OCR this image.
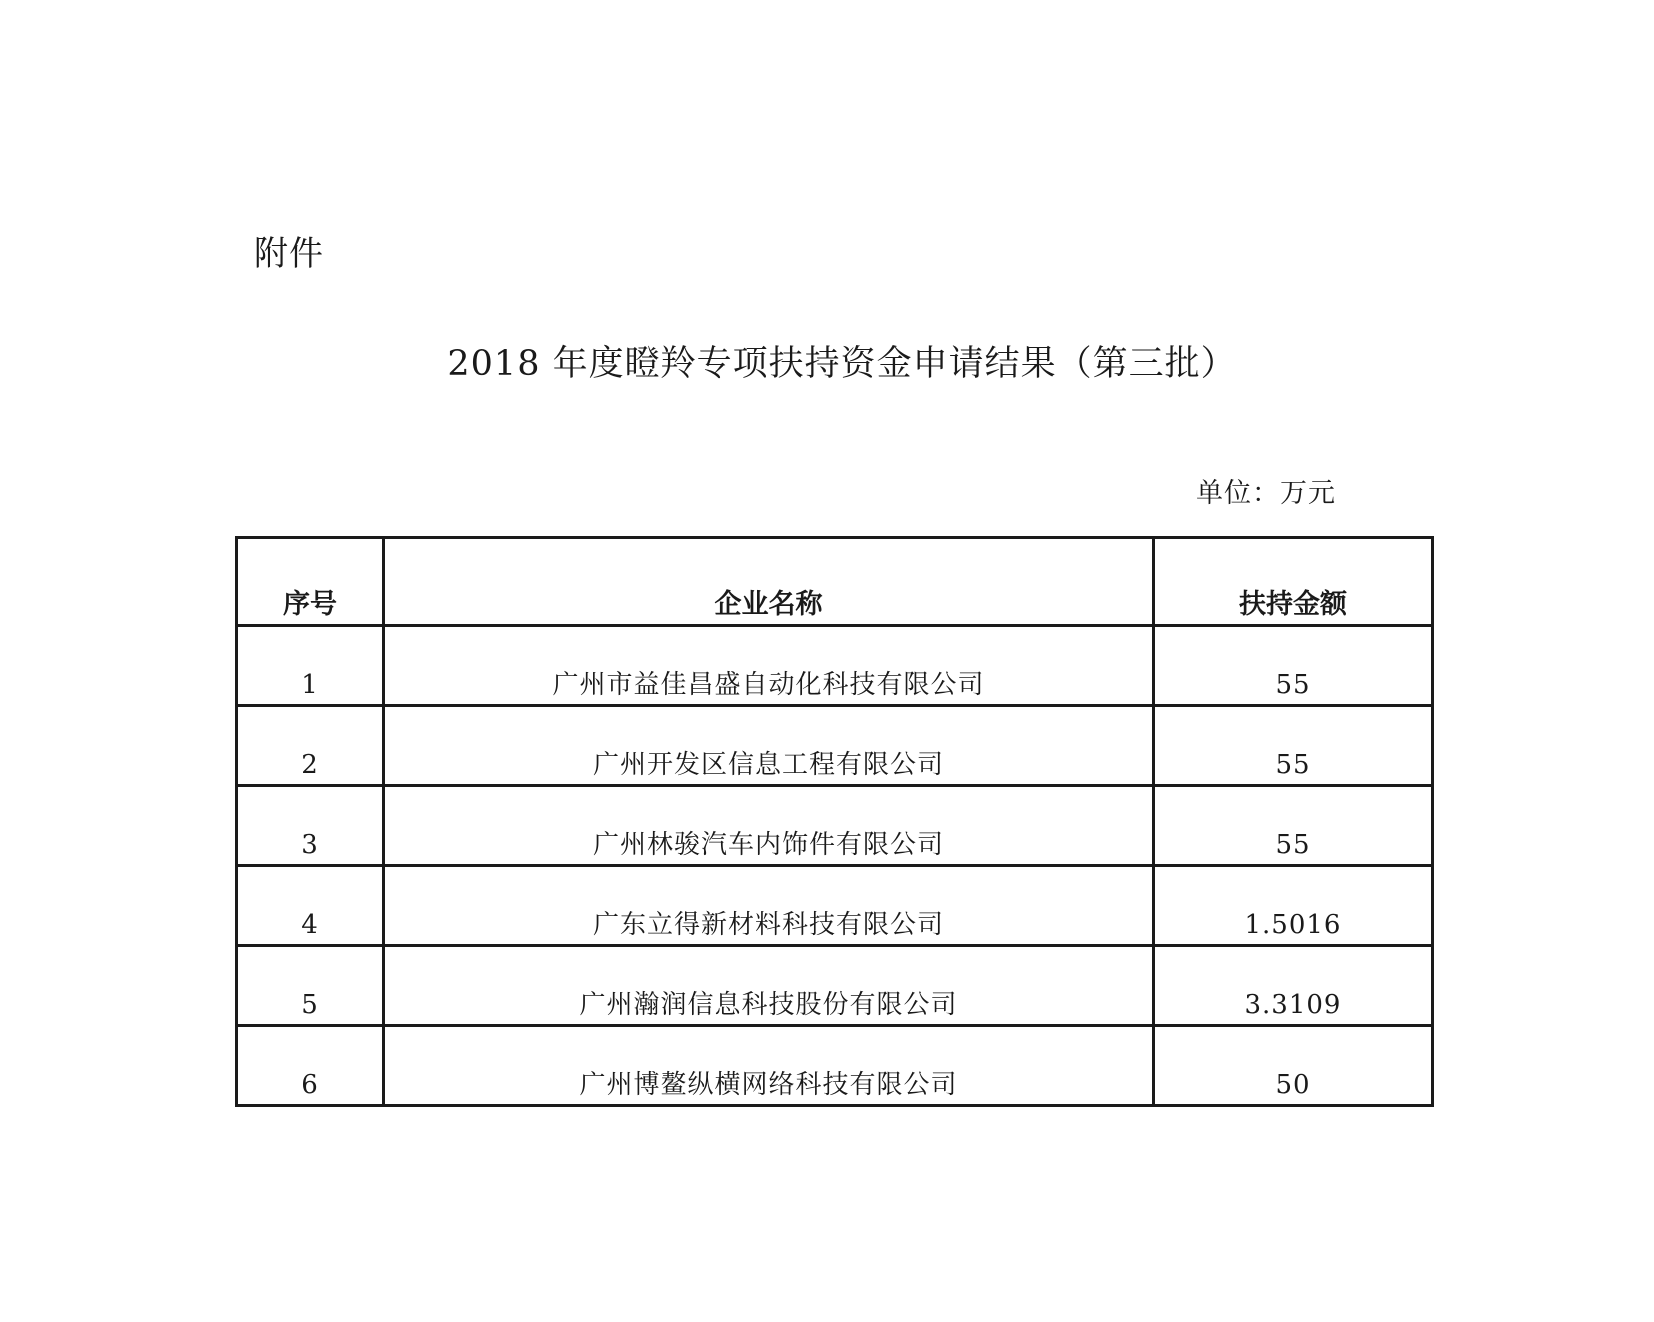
附件
2018 年度瞪羚专项扶持资金申请结果（第三批）
单位：万元
序号	企业名称	扶持金额
1	广州市益佳昌盛自动化科技有限公司	55
2	广州开发区信息工程有限公司	55
3	广州林骏汽车内饰件有限公司	55
4	广东立得新材料科技有限公司	1.5016
5	广州瀚润信息科技股份有限公司	3.3109
6	广州博鳌纵横网络科技有限公司	50
